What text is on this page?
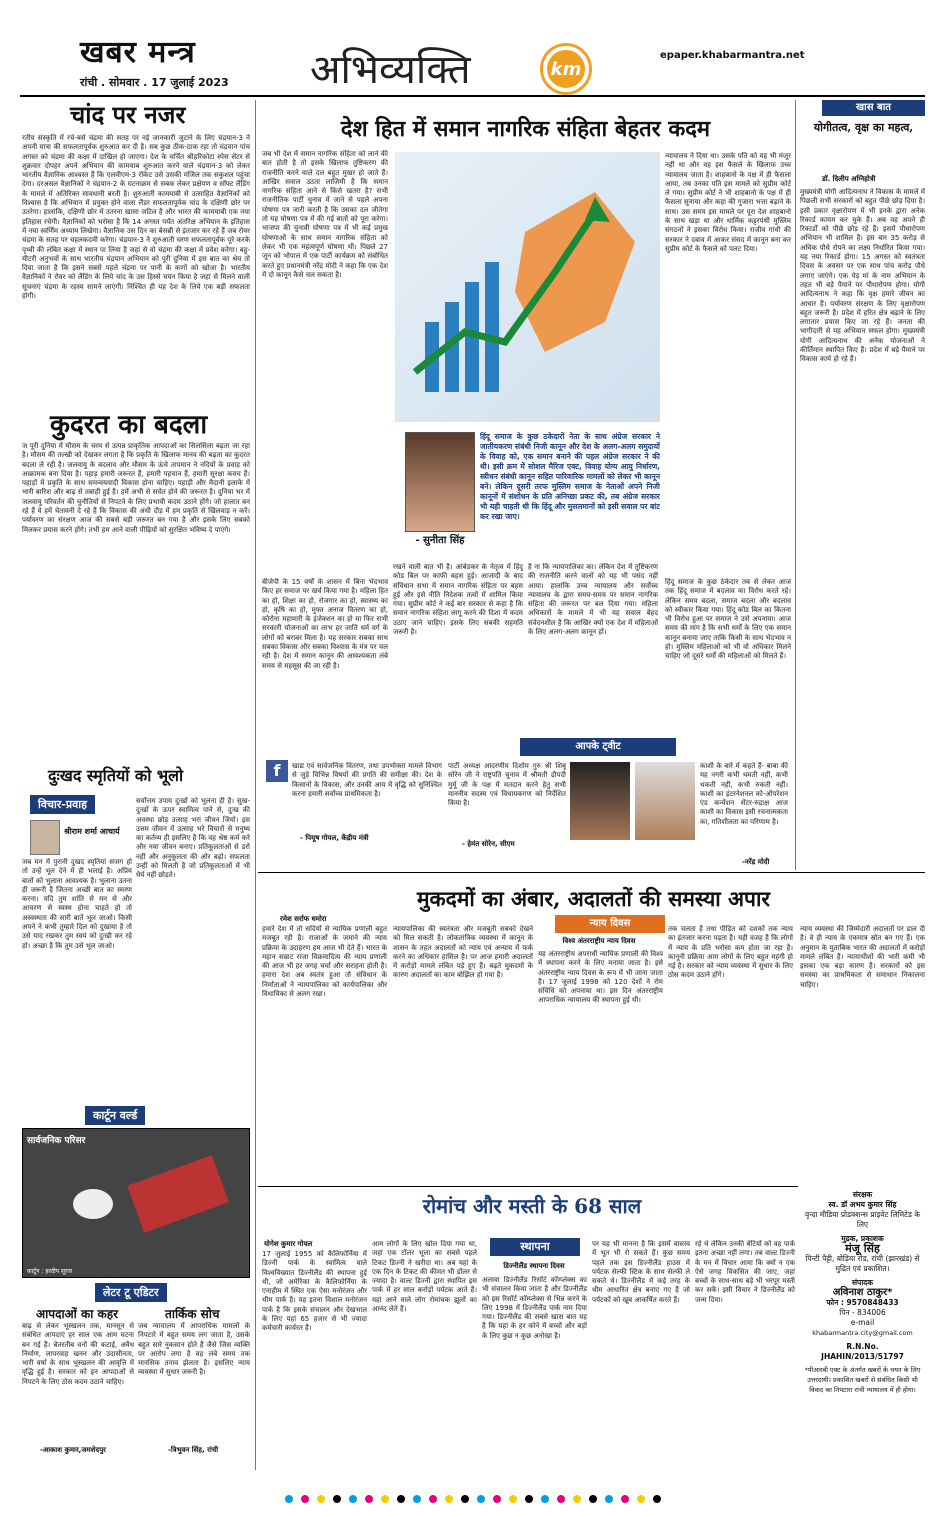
खबर मन्त्र
रांची . सोमवार . 17 जुलाई 2023 अभिव्यक्ति	km
epaper.khabarmantra.net
चांद पर नजर
रतीय संस्कृति में रचे-बसे चंद्रमा की सतह पर नई जानकारी जुटाने के लिए चंद्रयान-3 ने अपनी यात्रा की सफलतापूर्वक शुरुआत कर दी है। सब कुछ ठीक-ठाक रहा तो चंद्रयान पांच अगस्त को चंद्रमा की कक्षा में दाखिल हो जाएगा। देश के चर्चित श्रीहरिकोटा स्पेस सेंटर से शुक्रवार दोपहर अपने अभियान की कामयाब शुरुआत करने वाले चंद्रयान-3 को लेकर भारतीय वैज्ञानिक आश्वस्त हैं कि एलवीएम-3 रॉकेट उसे उसकी मंजिल तक सकुशल पहुंचा देगा। दरअसल वैज्ञानिकों ने चंद्रयान-2 के घटनाक्रम से सबक लेकर प्रक्षेपण व सॉफ्ट लैंडिंग के मामले में अतिरिक्त सावधानी बरती है। शुरुआती कामयाबी से उत्साहित वैज्ञानिकों को विश्वास है कि अभियान में प्रयुक्त होने वाला लैंडर सफलतापूर्वक चांद के दक्षिणी छोर पर उतरेगा। हालांकि, दक्षिणी छोर में उतरना खासा जटिल है और भारत की कामयाबी एक नया इतिहास रचेगी। वैज्ञानिकों को भरोसा है कि 14 अगस्त पर्यंत अंतरिक्ष अभियान के इतिहास में नया स्वर्णिम अध्याय लिखेगा। वैज्ञानिक उस दिन का बेसब्री से इंतजार कर रहे हैं जब रोवर चंद्रमा के सतह पर चहलकदमी करेगा। चंद्रयान-3 ने शुरुआती चरण सफलतापूर्वक पूरे करके पृथ्वी की लंबित कक्षा में स्थान पा लिया है जहां से वो चंद्रमा की कक्षा में प्रवेश करेगा। बहु-मीटरी अनुभवों के साथ भारतीय चंद्रयान अभियान को पूरी दुनिया में इस बात का श्रेय तो दिया जाता है कि इसने सबसे पहले चंद्रमा पर पानी के कणों को खोजा है। भारतीय वैज्ञानिकों ने रोवर को लैंडिंग के लिये चांद के उस हिस्से चयन किया है जहां से मिलने वाली सूचनाएं चंद्रमा के रहस्य सामने लाएंगी। निश्चित ही यह देश के लिये एक बड़ी सफलता होगी।
कुदरत का बदला
ज पूरी दुनिया में मौसम के चरम से उत्पन्न प्राकृतिक आपदाओं का सिलसिला बढ़ता जा रहा है। मौसम की तल्खी को देखकर लगता है कि प्रकृति के खिलाफ मानव की बढ़ता का कुदरत बदला ले रही है। जलवायु के बदलाव और मौसम के ऊंचे तापमान ने नदियों के प्रवाह को आक्रामक बना दिया है। पहाड़ हमारी जरूरत हैं, हमारी पहचान हैं, हमारी सुरक्षा कवच हैं। पहाड़ों में प्रकृति के साथ समन्वयवादी विकास होना चाहिए। पहाड़ी और मैदानी इलाके में भारी बारिश और बाढ़ से तबाही हुई है। हमें अभी से सचेत होने की जरूरत है। दुनिया भर में जलवायु परिवर्तन की चुनौतियों से निपटने के लिए प्रभावी कदम उठाने होंगे। जो हालात बन रहे हैं वे हमें चेतावनी दे रहे हैं कि विकास की अंधी दौड़ में हम प्रकृति से खिलवाड़ न करें। पर्यावरण का संरक्षण आज की सबसे बड़ी जरूरत बन गया है और इसके लिए सबको मिलकर प्रयास करने होंगे। तभी हम आने वाली पीढ़ियों को सुरक्षित भविष्य दे पाएंगे।
दुःखद स्मृतियों को भूलो
विचार-प्रवाह
श्रीराम शर्मा आचार्य
जब मन में पुरानी दुखद स्मृतियां सजग हो तो उन्हें भूल देने में ही भलाई है। अप्रिय बातों को भुलाना आवश्यक है। भुलाना उतना ही जरूरी है जितना अच्छी बात का स्मरण करना। यदि तुम शांति से मन से और आचरण से स्वस्थ होना चाहते हो तो अस्वस्थता की सारी बातें भूल जाओ। किसी अपने ने कभी तुम्हारे दिल को दुखाया है तो उसे याद रखकर तुम स्वयं को दुःखी कर रहे हो। अच्छा है कि तुम उसे भूल जाओ।
सर्वोत्तम उपाय दुःखों को भूलना ही है। सुख-दुःखों के ऊपर स्वामित्व पाने से, दुःख की अवस्था छोड़ उत्साह भरा जीवन जियो। इस उत्तम जीवन में उत्साह भरे विचारों से मनुष्य का कर्तव्य ही इसलिए है कि वह श्रेष्ठ कर्म करे और नया जीवन बनाए। प्रतिकूलताओं से डरो नहीं और अनुकूलता की ओर बढ़ो। सफलता उन्हीं को मिलती है जो प्रतिकूलताओं में भी धैर्य नहीं छोड़ते।
कार्टून वर्ल्ड
सार्वजनिक परिसर
कार्टून : हरदीप सूरज
लेटर टू एडिटर
आपदाओं का कहर
बाढ़ से लेकर भूस्खलन तक, मानसून से संबंधित आपदाएं हर साल एक आम घटना बन गई हैं। बेतरतीब वनों की कटाई, अवैध निर्माण, लापरवाह खनन और उदासीनता, भारी वर्षा के साथ भूस्खलन की आवृत्ति में वृद्धि हुई है। सरकार को इन आपदाओं से निपटने के लिए ठोस कदम उठाने चाहिए।
-आकाश कुमार,जमशेदपुर
तार्किक सोच
जब न्यायालय में आपराधिक मामलों के निपटारे में बहुत समय लग जाता है, उसके बहुत सारे नुकसान होते हैं जैसे जिस व्यक्ति पर आरोप लगा है वह लंबे समय तक मानसिक तनाव झेलता है। इसलिए न्याय व्यवस्था में सुधार जरूरी है।
-त्रिभुवन सिंह, रांची
देश हित में समान नागरिक संहिता बेहतर कदम
जब भी देश में समान नागरिक संहिता को लाने की बात होती है तो इसके खिलाफ तुष्टिकरण की राजनीति करने वाले दल बहुत मुखर हो जाते हैं। आखिर सवाल उठता लाजिमी है कि समान नागरिक संहिता आने से किसे खतरा है? सभी राजनीतिक पार्टी चुनाव में जाने से पहले अपना घोषणा पत्र जारी करती है कि उसका दल जीतेगा तो यह घोषणा पत्र में की गई बातों को पूरा करेगा। भाजपा की चुनावी घोषणा पत्र में भी कई प्रमुख घोषणाओं के साथ समान नागरिक संहिता को लेकर भी एक महत्वपूर्ण घोषणा थी। पिछले 27 जून को भोपाल में एक पार्टी कार्यक्रम को संबोधित करते हुए प्रधानमंत्री नरेंद्र मोदी ने कहा कि एक देश में दो कानून कैसे चल सकता है।
न्यायालय ने दिया था। उसके पति को यह भी मंजूर नहीं था और वह इस फैसले के खिलाफ उच्च न्यायालय जाता है। शाहबानो के पक्ष में ही फैसला आया, तब उनका पति इस मामले को सुप्रीम कोर्ट ले गया। सुप्रीम कोर्ट ने भी शाहबानो के पक्ष में ही फैसला सुनाया और कहा की गुजारा भत्ता बढ़ाने के साथ। उस समय इस मामले पर पूरा देश शाहबानो के साथ खड़ा था और धार्मिक कट्टरपंथी मुस्लिम संगठनों ने इसका विरोध किया। राजीव गांधी की सरकार ने दबाव में आकर संसद में कानून बना कर सुप्रीम कोर्ट के फैसले को पलट दिया।
- सुनीता सिंह
हिंदू समाज के कुछ ठकेदारों नेता के साथ अंग्रेज सरकार ने जातीयकरण संबंधी निजी कानून और देश के अलग-अलग समुदायों के विवाह को, एक समान बनाने की पहल अंग्रेज सरकार ने की थी। इसी क्रम में सोशल मैरिज एक्ट, विवाह योग्य आयु निर्धारण, स्त्रीधन संबंधी कानून सहित पारिवारिक मामलों को लेकर भी कानून बने। लेकिन दूसरी तरफ मुस्लिम समाज के नेताओं अपने निजी कानूनों में संशोधन के प्रति अनिच्छा प्रकट की, तब अंग्रेज सरकार भी यही चाहती थी कि हिंदू और मुसलमानों को इसी सवाल पर बांट कर रखा जाए।
रखने वाली बात भी है। आंबेडकर के नेतृत्व में हिंदू कोड बिल पर काफी बहस हुई। आजादी के बाद संविधान सभा में समान नागरिक संहिता पर बहस हुई और इसे नीति निदेशक तत्वों में शामिल किया गया। सुप्रीम कोर्ट ने कई बार सरकार से कहा है कि समान नागरिक संहिता लागू करने की दिशा में कदम उठाए जाने चाहिए। इसके लिए सबकी सहमति जरूरी है।
है ना कि न्यायपालिका का। लेकिन देश में तुष्टिकरण की राजनीति करने वालों को यह भी पसंद नहीं आया। हालांकि उच्च न्यायालय और सर्वोच्च न्यायालय के द्वारा समय-समय पर समान नागरिक संहिता की जरूरत पर बल दिया गया। महिला अधिकारों के मामले में भी यह सवाल बेहद संवेदनशील है कि आखिर क्यों एक देश में महिलाओं के लिए अलग-अलग कानून हों।
हिंदू समाज के कुछ ठेकेदार तब से लेकर आज तक हिंदू समाज में बदलाव का विरोध करते रहे। लेकिन समय बदला, समाज बदला और बदलाव को स्वीकार किया गया। हिंदू कोड बिल का कितना भी विरोध हुआ पर समाज ने उसे अपनाया। आज समय की मांग है कि सभी धर्मों के लिए एक समान कानून बनाया जाए ताकि किसी के साथ भेदभाव न हो। मुस्लिम महिलाओं को भी वो अधिकार मिलने चाहिए जो दूसरे धर्मों की महिलाओं को मिलते हैं।
बीजेपी के 15 वर्षों के शासन में बिना भेदभाव किए हर समाज पर खर्च किया गया है। महिला हित का हो, शिक्षा का हो, रोजगार का हो, स्वास्थ्य का हो, कृषि का हो, मुफ्त अनाज वितरण का हो, कोरोना महामारी के इंजेक्शन का हो या फिर सभी सरकारी योजनाओं का लाभ हर जाति धर्म वर्ग के लोगों को बराबर मिला है। यह सरकार सबका साथ सबका विकास और सबका विश्वास के मंत्र पर चल रही है। देश में समान कानून की आवश्यकता लंबे समय से महसूस की जा रही है।
आपके ट्वीट
f	खाद्य एवं सार्वजनिक वितरण, तथा उपभोक्ता मामले विभाग से जुड़े विभिन्न विषयों की प्रगति की समीक्षा की। देश के किसानों के विकास, और उनकी आय में वृद्धि को सुनिश्चित करना हमारी सर्वोच्च प्राथमिकता है।
- पियूष गोयल, केंद्रीय मंत्री
पार्टी अध्यक्ष आदरणीय दिशोम गुरु श्री शिबू सोरेन जी ने राष्ट्रपति चुनाव में श्रीमती द्रौपदी मुर्मू जी के पक्ष में मतदान करने हेतु सभी माननीय सदस्य एवं विधायकगण को निर्देशित किया है।
- हेमंत सोरेन, सीएम
काशी के बारे में कहते हैं- बाबा की यह नगरी कभी थमती नहीं, कभी थकती नहीं, कभी रुकती नहीं। काशी का इंटरनेशनल को-ऑपरेशन एंड कन्वेंशन सेंटर-रुद्राक्ष आज काशी का विकास इसी रचनात्मकता का, गतिशीलता का परिणाम है।
-नरेंद्र मोदी
खास बात
योगीतत्व, वृक्ष का महत्व,
डॉ. दिलीप अग्निहोत्री
मुख्यमंत्री योगी आदित्यनाथ ने विकास के मामले में पिछली सभी सरकारों को बहुत पीछे छोड़ दिया है। इसी प्रकार वृक्षारोपण में भी इनके द्वारा अनेक रिकार्ड कायम कर चुके हैं। अब वह अपने ही रिकार्डों को पीछे छोड़ रहे हैं। इसमें पौधारोपण अभियान भी शामिल है। इस बार 35 करोड़ से अधिक पौधे रोपने का लक्ष्य निर्धारित किया गया। यह नया रिकार्ड होगा। 15 अगस्त को स्वतंत्रता दिवस के अवसर पर एक साथ पांच करोड़ पौधे लगाए जाएंगे। एक पेड़ मां के नाम अभियान के तहत भी बड़े पैमाने पर पौधारोपण होगा। योगी आदित्यनाथ ने कहा कि वृक्ष हमारे जीवन का आधार हैं। पर्यावरण संरक्षण के लिए वृक्षारोपण बहुत जरूरी है। प्रदेश में हरित क्षेत्र बढ़ाने के लिए लगातार प्रयास किए जा रहे हैं। जनता की भागीदारी से यह अभियान सफल होगा। मुख्यमंत्री योगी आदित्यनाथ की अनेक योजनाओं ने कीर्तिमान स्थापित किए हैं। प्रदेश में बड़े पैमाने पर विकास कार्य हो रहे हैं।
मुकदमों का अंबार, अदालतों की समस्या अपार
रमेश सर्राफ धमोरा
हमारे देश में तो सदियों से न्यायिक प्रणाली बहुत मजबूत रही है। राजाओं के जमाने की न्याय प्रक्रिया के उदाहरण हम आज भी देते हैं। भारत के महान सम्राट राजा विक्रमादित्य की न्याय प्रणाली की आज भी हर जगह चर्चा और सराहना होती है। हमारा देश अब स्वतंत्र हुआ तो संविधान के निर्माताओं ने न्यायपालिका को कार्यपालिका और विधायिका से अलग रखा।
न्यायपालिका की स्वतंत्रता और मजबूती सबको देखने को मिल सकती है। लोकतांत्रिक व्यवस्था में कानून के शासन के तहत अदालतों को न्याय एवं अन्याय में फर्क करने का अधिकार हासिल है। पर आज हमारी अदालतों में करोड़ों मामले लंबित पड़े हुए हैं। बढ़ते मुकदमों के कारण अदालतों का काम बोझिल हो गया है।
न्याय दिवस
विश्व अंतरराष्ट्रीय न्याय दिवस
यह अंतरराष्ट्रीय अपराधी न्यायिक प्रणाली की विश्व में स्थापना करने के लिए मनाया जाता है। इसे अंतरराष्ट्रीय न्याय दिवस के रूप में भी जाना जाता है। 17 जुलाई 1998 को 120 देशों ने रोम संविधि को अपनाया था। इस दिन अंतरराष्ट्रीय आपराधिक न्यायालय की स्थापना हुई थी।
तक चलता है तथा पीड़ित को दशकों तक न्याय का इंतजार करना पड़ता है। यही वजह है कि लोगों में न्याय के प्रति भरोसा कम होता जा रहा है। कानूनी प्रक्रिया आम लोगों के लिए बहुत महंगी हो गई है। सरकार को न्याय व्यवस्था में सुधार के लिए ठोस कदम उठाने होंगे।
न्याय व्यवस्था की जिम्मेदारी अदालतों पर डाल दी है। वे ही न्याय के एकमात्र स्रोत बन गए हैं। एक अनुमान के मुताबिक भारत की अदालतों में करोड़ों मामले लंबित हैं। न्यायाधीशों की भारी कमी भी इसका एक बड़ा कारण है। सरकारों को इस समस्या का प्राथमिकता से समाधान निकालना चाहिए।
रोमांच और मस्ती के 68 साल
योगेश कुमार गोयल
17 जुलाई 1955 को कैलिफोर्निया में डिज्नी पार्क के स्वामित्व वाले विश्वविख्यात डिज्नीलैंड की स्थापना हुई थी, जो अमेरिका के कैलिफोर्निया के एनाहीम में स्थित एक ऐसा मनोरंजन और थीम पार्क है। यह इतना विशाल मनोरंजन पार्क है कि इसके संचालन और देखभाल के लिए यहां 65 हजार से भी ज्यादा कर्मचारी कार्यरत हैं।
आम लोगों के लिए खोल दिया गया था, जहां एक टॉलर भूला का सबसे पहले टिकट डिज्नी ने खरीदा था। अब यहां के एक दिन के टिकट की कीमत भी डॉलर से ज्यादा है। वाल्ट डिज्नी द्वारा स्थापित इस पार्क में हर साल करोड़ों पर्यटक आते हैं। यहां आने वाले लोग रोमांचक झूलों का आनंद लेते हैं।
स्थापना
डिज्नीलैंड स्थापना दिवस
अलावा डिज्नीलैंड रिसॉर्ट कॉम्प्लेक्स का भी संचालन किया जाता है और डिज्नीलैंड को इस रिसॉर्ट कॉम्प्लेक्स से भिन्न करने के लिए 1998 में डिज्नीलैंड पार्क नाम दिया गया। डिज्नीलैंड की सबसे खास बात यह है कि यहां के हर कोने में बच्चों और बड़ों के लिए कुछ न कुछ अनोखा है।
पर यह भी मानना है कि इसमें वास्तव में भूत भी रो सकते हैं। कुछ समय पहले तक इस डिज्नीलैंड हाउस में पर्यटक सेल्फी स्टिक के साथ सेल्फी ले सकते थे। डिज्नीलैंड में कई तरह के थीम आधारित क्षेत्र बनाए गए हैं जो पर्यटकों को खूब आकर्षित करते हैं।
रहे थे लेकिन उनकी बेटियों को वह पार्क इतना अच्छा नहीं लगा। तब वाल्ट डिज्नी के मन में विचार आया कि क्यों न एक ऐसे जगह विकसित की जाए, जहां बच्चों के साथ-साथ बड़े भी भरपूर मस्ती कर सकें। इसी विचार ने डिज्नीलैंड को जन्म दिया।
संरक्षक
स्व. डॉ अभय कुमार सिंह
वृन्दा मीडिया प्रोडक्शन्स प्राइवेट लिमिटेड के लिए
मुद्रक, प्रकाशक
मंजू सिंह
पिन्टी पैट्टी, बोड़िया रोड, रांची (झारखंड) से मुद्रित एवं प्रकाशित।
संपादक
अविनाश ठाकुर*
फोन : 9570848433
पिन - 834006
e-mail
khabarmantra.city@gmail.com
R.N.No.
JHAHIN/2013/51797
*पीआरबी एक्ट के अंतर्गत खबरों के चयन के लिए उत्तरदायी। प्रकाशित खबरों से संबंधित किसी भी विवाद का निपटारा रांची न्यायालय में ही होगा।
